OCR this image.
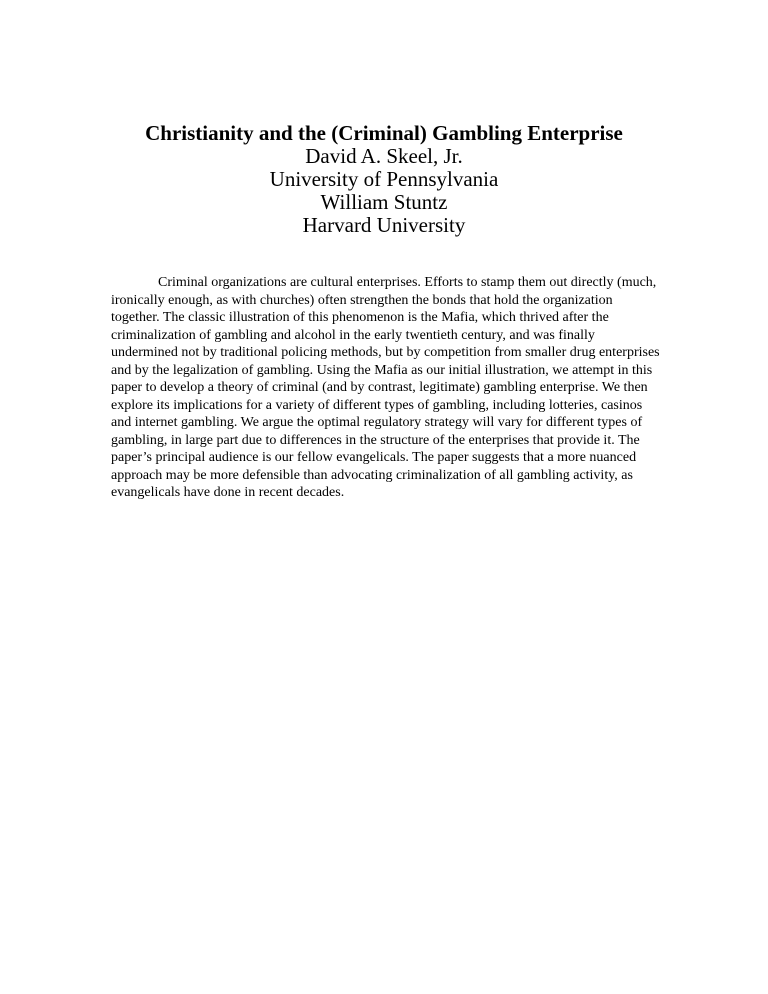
Christianity and the (Criminal) Gambling Enterprise

David A. Skeel, Jr.

University of Pennsylvania

William Stuntz

Harvard University

Criminal organizations are cultural enterprises. Efforts to stamp them out directly (much, ironically enough, as with churches) often strengthen the bonds that hold the organization together. The classic illustration of this phenomenon is the Mafia, which thrived after the criminalization of gambling and alcohol in the early twentieth century, and was finally undermined not by traditional policing methods, but by competition from smaller drug enterprises and by the legalization of gambling. Using the Mafia as our initial illustration, we attempt in this paper to develop a theory of criminal (and by contrast, legitimate) gambling enterprise. We then explore its implications for a variety of different types of gambling, including lotteries, casinos and internet gambling. We argue the optimal regulatory strategy will vary for different types of gambling, in large part due to differences in the structure of the enterprises that provide it. The paper’s principal audience is our fellow evangelicals. The paper suggests that a more nuanced approach may be more defensible than advocating criminalization of all gambling activity, as evangelicals have done in recent decades.
